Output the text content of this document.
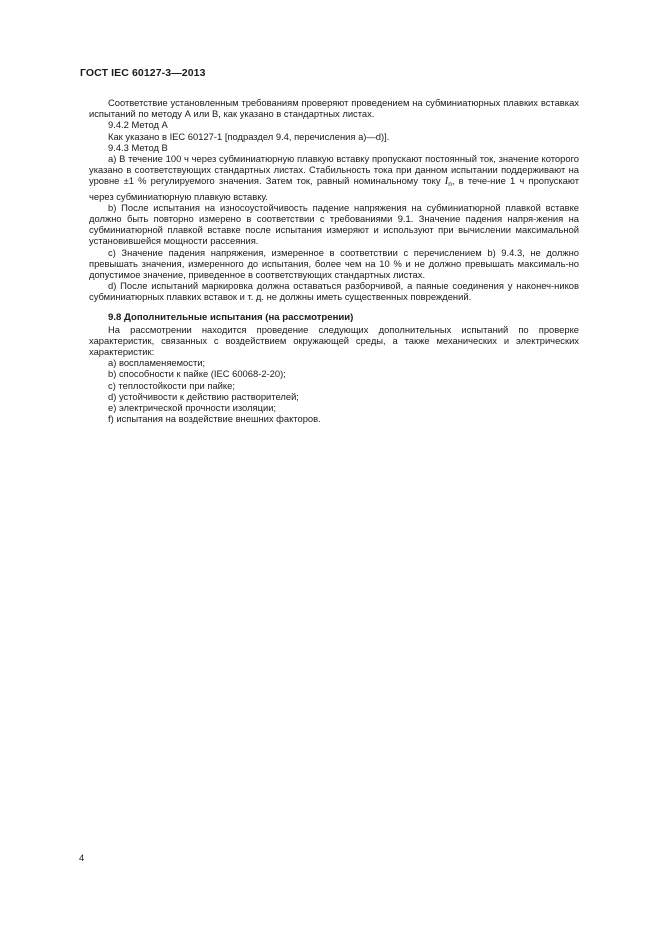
ГОСТ IEC 60127-3—2013

Соответствие установленным требованиям проверяют проведением на субминиатюрных плавких вставках испытаний по методу А или В, как указано в стандартных листах.

9.4.2 Метод А

Как указано в IEC 60127-1 [подраздел 9.4, перечисления а)—d)].

9.4.3 Метод В

а) В течение 100 ч через субминиатюрную плавкую вставку пропускают постоянный ток, значение которого указано в соответствующих стандартных листах. Стабильность тока при данном испытании поддерживают на уровне ±1 % регулируемого значения. Затем ток, равный номинальному току $I_n$, в тече-ние 1 ч пропускают через субминиатюрную плавкую вставку.

b) После испытания на износоустойчивость падение напряжения на субминиатюрной плавкой вставке должно быть повторно измерено в соответствии с требованиями 9.1. Значение падения напря-жения на субминиатюрной плавкой вставке после испытания измеряют и используют при вычислении максимальной установившейся мощности рассеяния.

с) Значение падения напряжения, измеренное в соответствии с перечислением b) 9.4.3, не должно превышать значения, измеренного до испытания, более чем на 10 % и не должно превышать максималь-но допустимое значение, приведенное в соответствующих стандартных листах.

d) После испытаний маркировка должна оставаться разборчивой, а паяные соединения у наконеч-ников субминиатюрных плавких вставок и т. д. не должны иметь существенных повреждений.

9.8 Дополнительные испытания (на рассмотрении)

На рассмотрении находится проведение следующих дополнительных испытаний по проверке характеристик, связанных с воздействием окружающей среды, а также механических и электрических характеристик:

а) воспламеняемости;
b) способности к пайке (IEC 60068-2-20);
с) теплостойкости при пайке;
d) устойчивости к действию растворителей;
е) электрической прочности изоляции;
f) испытания на воздействие внешних факторов.
4
